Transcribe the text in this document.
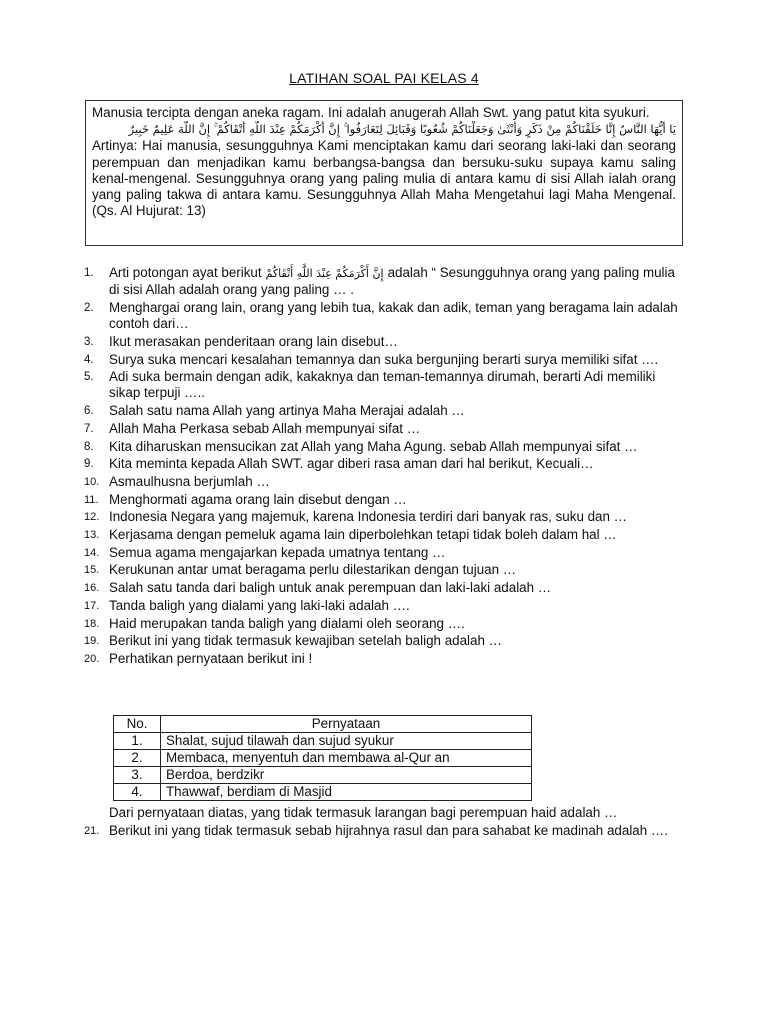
LATIHAN SOAL PAI KELAS 4

Manusia tercipta dengan aneka ragam. Ini adalah anugerah Allah Swt. yang patut kita syukuri.

يَا أَيُّهَا النَّاسُ إِنَّا خَلَقْنَاكُمْ مِنْ ذَكَرٍ وَأُنْثَىٰ وَجَعَلْنَاكُمْ شُعُوبًا وَقَبَائِلَ لِتَعَارَفُوا ۚ إِنَّ أَكْرَمَكُمْ عِنْدَ اللَّهِ أَتْقَاكُمْ ۚ إِنَّ اللَّهَ عَلِيمٌ خَبِيرٌ

Artinya: Hai manusia, sesungguhnya Kami menciptakan kamu dari seorang laki-laki dan seorang perempuan dan menjadikan kamu berbangsa-bangsa dan bersuku-suku supaya kamu saling kenal-mengenal. Sesungguhnya orang yang paling mulia di antara kamu di sisi Allah ialah orang yang paling takwa di antara kamu. Sesungguhnya Allah Maha Mengetahui lagi Maha Mengenal. (Qs. Al Hujurat: 13)

1.	Arti potongan ayat berikut إِنَّ أَكْرَمَكُمْ عِنْدَ اللَّهِ أَتْقَاكُمْ adalah “ Sesungguhnya orang yang paling mulia di sisi Allah adalah orang yang paling … .
2.	Menghargai orang lain, orang yang lebih tua, kakak dan adik, teman yang beragama lain adalah contoh dari…
3.	Ikut merasakan penderitaan orang lain disebut…
4.	Surya suka mencari kesalahan temannya dan suka bergunjing berarti surya memiliki sifat ….
5.	Adi suka bermain dengan adik, kakaknya dan teman-temannya dirumah, berarti Adi memiliki sikap terpuji …..
6.	Salah satu nama Allah yang artinya Maha Merajai adalah …
7.	Allah Maha Perkasa sebab Allah mempunyai sifat …
8.	Kita diharuskan mensucikan zat Allah yang Maha Agung. sebab Allah mempunyai sifat …
9.	Kita meminta kepada Allah SWT. agar diberi rasa aman dari hal berikut, Kecuali…
10. Asmaulhusna berjumlah …
11. Menghormati agama orang lain disebut dengan …
12. Indonesia Negara yang majemuk, karena Indonesia terdiri dari banyak ras, suku dan …
13. Kerjasama dengan pemeluk agama lain diperbolehkan tetapi tidak boleh dalam hal …
14. Semua agama mengajarkan kepada umatnya tentang …
15. Kerukunan antar umat beragama perlu dilestarikan dengan tujuan …
16. Salah satu tanda dari baligh untuk anak perempuan dan laki-laki adalah …
17. Tanda baligh yang dialami yang laki-laki adalah ….
18. Haid merupakan tanda baligh yang dialami oleh seorang ….
19. Berikut ini yang tidak termasuk kewajiban setelah baligh adalah …
20. Perhatikan pernyataan berikut ini !
No.	Pernyataan
1.	Shalat, sujud tilawah dan sujud syukur
2.	Membaca, menyentuh dan membawa al-Qur an
3.	Berdoa, berdzikr
4.	Thawwaf, berdiam di Masjid
Dari pernyataan diatas, yang tidak termasuk larangan bagi perempuan haid adalah …
21. Berikut ini yang tidak termasuk sebab hijrahnya rasul dan para sahabat ke madinah adalah ….
